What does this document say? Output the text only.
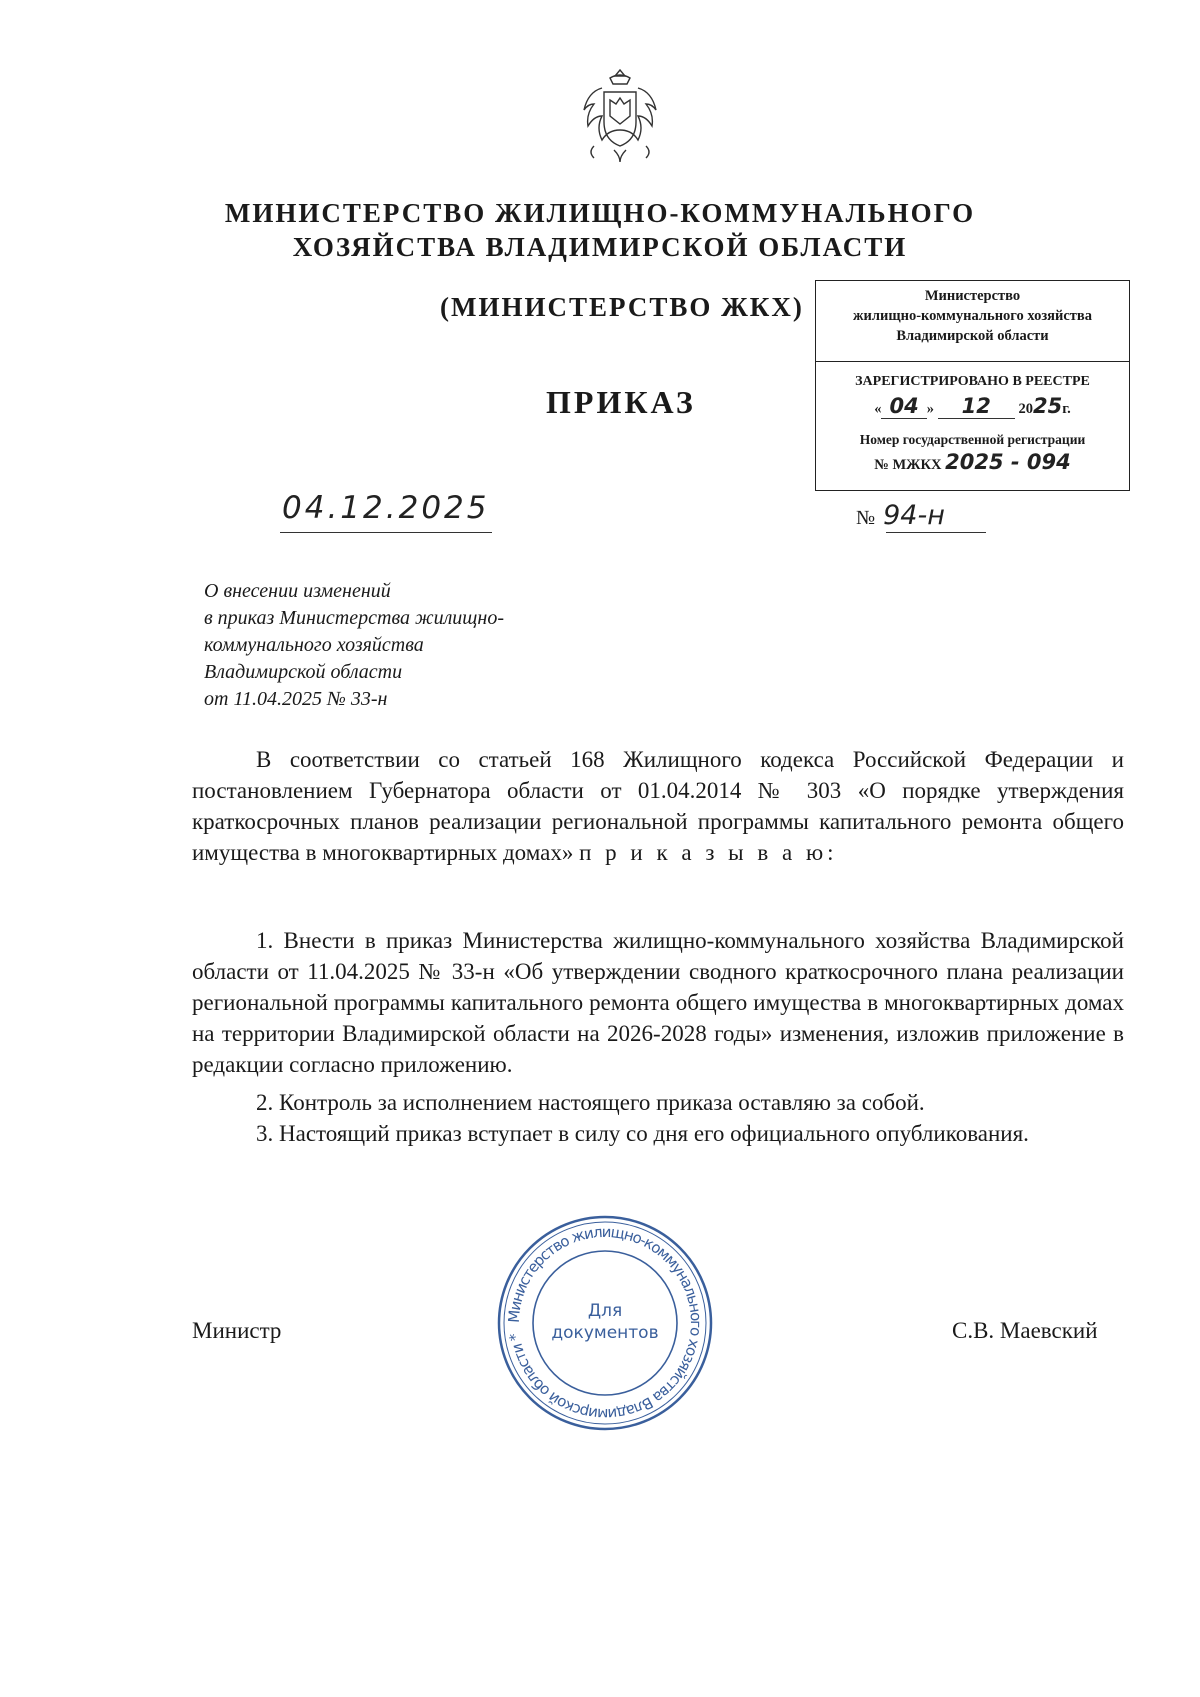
МИНИСТЕРСТВО ЖИЛИЩНО-КОММУНАЛЬНОГО
ХОЗЯЙСТВА ВЛАДИМИРСКОЙ ОБЛАСТИ
(МИНИСТЕРСТВО ЖКХ)
ПРИКАЗ
Министерство
жилищно-коммунального хозяйства
Владимирской области
ЗАРЕГИСТРИРОВАНО В РЕЕСТРЕ
« 04 » 12 2025г.
Номер государственной регистрации
№ МЖКХ 2025 - 094
04.12.2025	№ 94-н
О внесении изменений
в приказ Министерства жилищно-
коммунального хозяйства
Владимирской области
от 11.04.2025 № 33-н
В соответствии со статьей 168 Жилищного кодекса Российской Федерации и постановлением Губернатора области от 01.04.2014 № 303 «О порядке утверждения краткосрочных планов реализации региональной программы капитального ремонта общего имущества в многоквартирных домах» п р и к а з ы в а ю:
1. Внести в приказ Министерства жилищно-коммунального хозяйства Владимирской области от 11.04.2025 № 33-н «Об утверждении сводного краткосрочного плана реализации региональной программы капитального ремонта общего имущества в многоквартирных домах на территории Владимирской области на 2026-2028 годы» изменения, изложив приложение в редакции согласно приложению.
2. Контроль за исполнением настоящего приказа оставляю за собой.
3. Настоящий приказ вступает в силу со дня его официального опубликования.
Министр	С.В. Маевский
Министерство жилищно-коммунального хозяйства Владимирской области *
Для
документов
